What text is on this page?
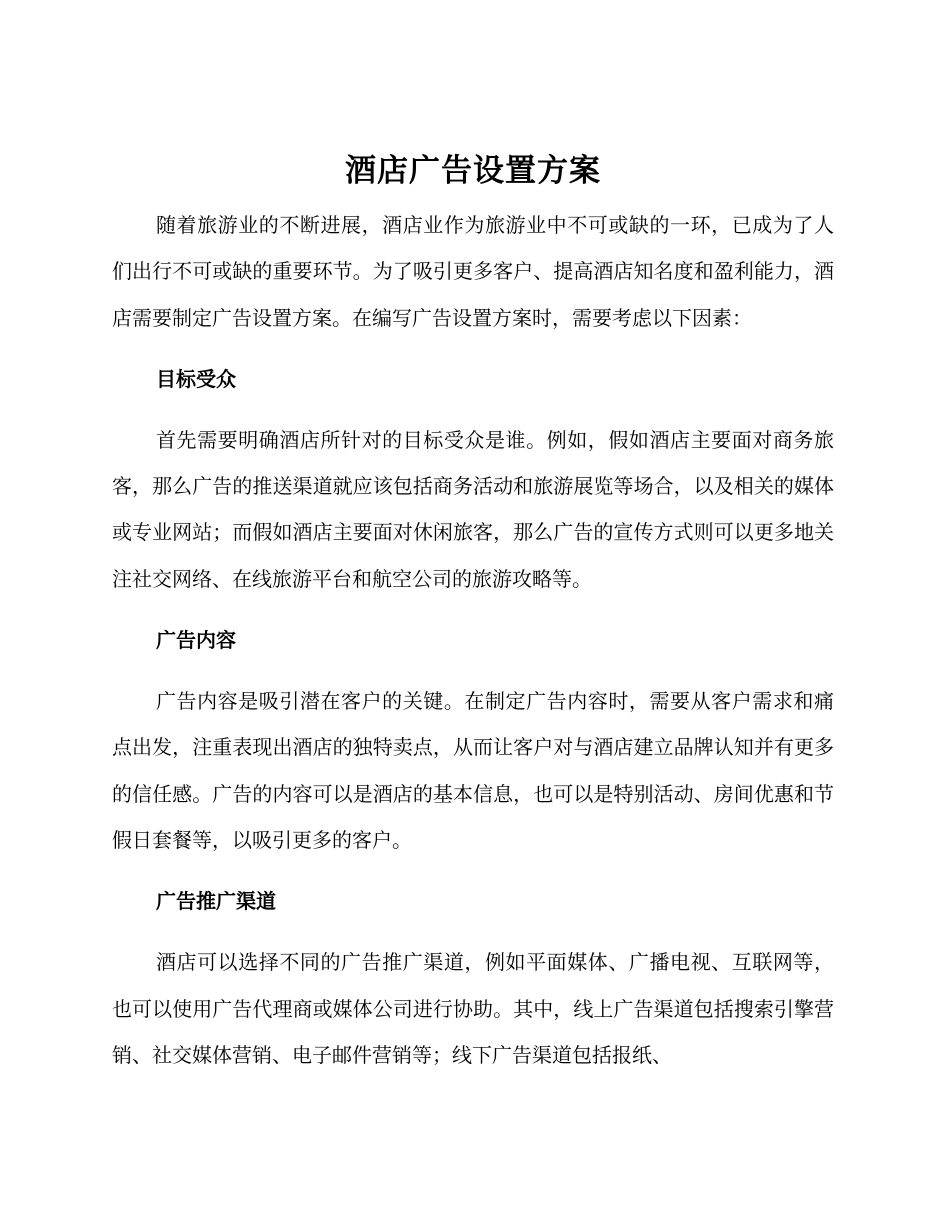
酒店广告设置方案

随着旅游业的不断进展，酒店业作为旅游业中不可或缺的一环，已成为了人们出行不可或缺的重要环节。为了吸引更多客户、提高酒店知名度和盈利能力，酒店需要制定广告设置方案。在编写广告设置方案时，需要考虑以下因素：

目标受众

首先需要明确酒店所针对的目标受众是谁。例如，假如酒店主要面对商务旅客，那么广告的推送渠道就应该包括商务活动和旅游展览等场合，以及相关的媒体或专业网站；而假如酒店主要面对休闲旅客，那么广告的宣传方式则可以更多地关注社交网络、在线旅游平台和航空公司的旅游攻略等。

广告内容

广告内容是吸引潜在客户的关键。在制定广告内容时，需要从客户需求和痛点出发，注重表现出酒店的独特卖点，从而让客户对与酒店建立品牌认知并有更多的信任感。广告的内容可以是酒店的基本信息，也可以是特别活动、房间优惠和节假日套餐等，以吸引更多的客户。

广告推广渠道

酒店可以选择不同的广告推广渠道，例如平面媒体、广播电视、互联网等，也可以使用广告代理商或媒体公司进行协助。其中，线上广告渠道包括搜索引擎营销、社交媒体营销、电子邮件营销等；线下广告渠道包括报纸、
